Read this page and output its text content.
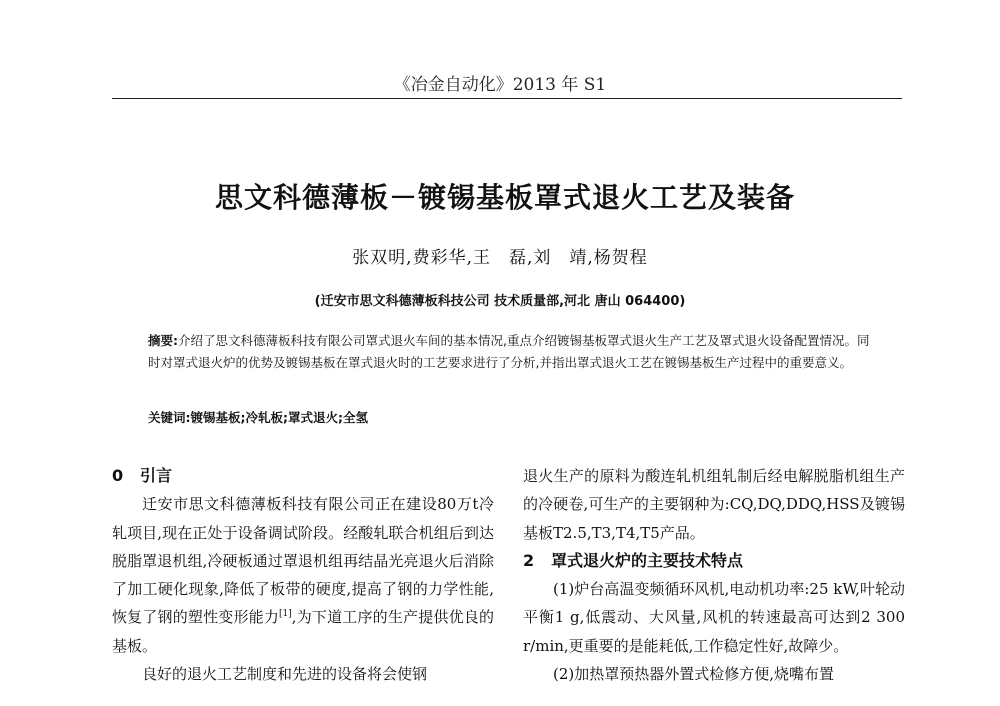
《冶金自动化》2013 年 S1
思文科德薄板－镀锡基板罩式退火工艺及装备
张双明,费彩华,王　磊,刘　靖,杨贺程
(迁安市思文科德薄板科技公司 技术质量部,河北 唐山 064400)

摘要:介绍了思文科德薄板科技有限公司罩式退火车间的基本情况,重点介绍镀锡基板罩式退火生产工艺及罩式退火设备配置情况。同时对罩式退火炉的优势及镀锡基板在罩式退火时的工艺要求进行了分析,并指出罩式退火工艺在镀锡基板生产过程中的重要意义。

关键词:镀锡基板;冷轧板;罩式退火;全氢

0 引言

迁安市思文科德薄板科技有限公司正在建设80万t冷轧项目,现在正处于设备调试阶段。经酸轧联合机组后到达脱脂罩退机组,冷硬板通过罩退机组再结晶光亮退火后消除了加工硬化现象,降低了板带的硬度,提高了钢的力学性能,恢复了钢的塑性变形能力[1],为下道工序的生产提供优良的基板。

良好的退火工艺制度和先进的设备将会使钢

退火生产的原料为酸连轧机组轧制后经电解脱脂机组生产的冷硬卷,可生产的主要钢种为:CQ,DQ,DDQ,HSS及镀锡基板T2.5,T3,T4,T5产品。

2 罩式退火炉的主要技术特点

(1)炉台高温变频循环风机,电动机功率:25 kW,叶轮动平衡1 g,低震动、大风量,风机的转速最高可达到2 300 r/min,更重要的是能耗低,工作稳定性好,故障少。

(2)加热罩预热器外置式检修方便,烧嘴布置
